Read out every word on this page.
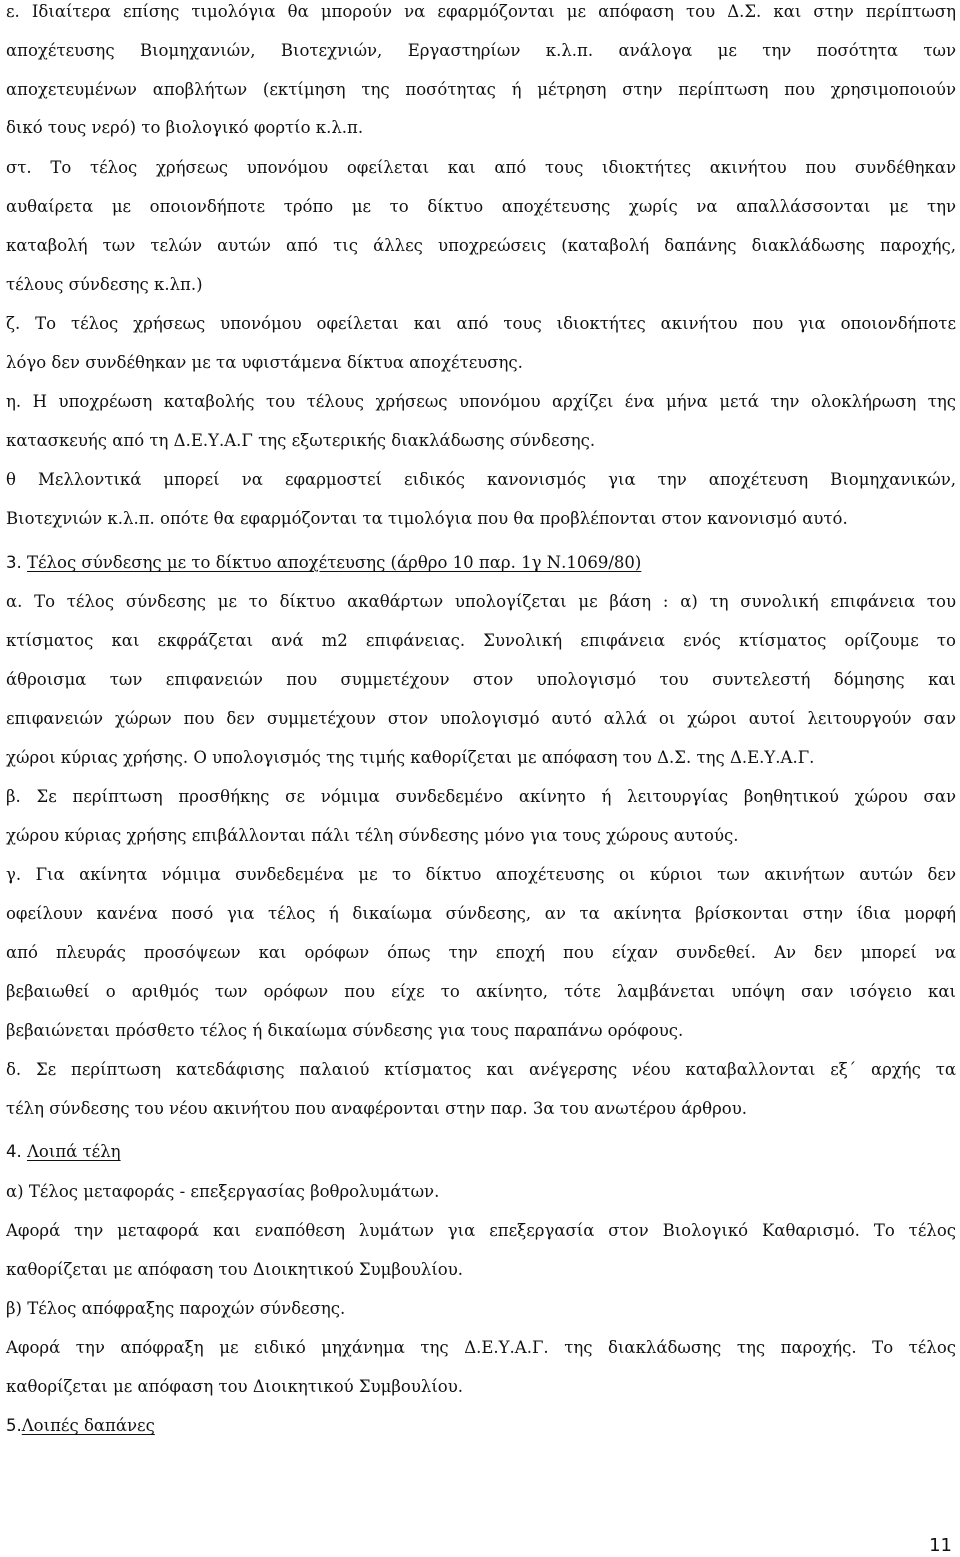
ε. Ιδιαίτερα επίσης τιμολόγια θα μπορούν να εφαρμόζονται με απόφαση του Δ.Σ. και στην περίπτωση
αποχέτευσης Βιομηχανιών, Βιοτεχνιών, Εργαστηρίων κ.λ.π. ανάλογα με την ποσότητα των
αποχετευμένων αποβλήτων (εκτίμηση της ποσότητας ή μέτρηση στην περίπτωση που χρησιμοποιούν
δικό τους νερό) το βιολογικό φορτίο κ.λ.π.
στ. Το τέλος χρήσεως υπονόμου οφείλεται και από τους ιδιοκτήτες ακινήτου που συνδέθηκαν
αυθαίρετα με οποιονδήποτε τρόπο με το δίκτυο αποχέτευσης χωρίς να απαλλάσσονται με την
καταβολή των τελών αυτών από τις άλλες υποχρεώσεις (καταβολή δαπάνης διακλάδωσης παροχής,
τέλους σύνδεσης κ.λπ.)
ζ. Το τέλος χρήσεως υπονόμου οφείλεται και από τους ιδιοκτήτες ακινήτου που για οποιονδήποτε
λόγο δεν συνδέθηκαν με τα υφιστάμενα δίκτυα αποχέτευσης.
η. Η υποχρέωση καταβολής του τέλους χρήσεως υπονόμου αρχίζει ένα μήνα μετά την ολοκλήρωση της
κατασκευής από τη Δ.Ε.Υ.Α.Γ της εξωτερικής διακλάδωσης σύνδεσης.
θ Μελλοντικά μπορεί να εφαρμοστεί ειδικός κανονισμός για την αποχέτευση Βιομηχανικών,
Βιοτεχνιών κ.λ.π. οπότε θα εφαρμόζονται τα τιμολόγια που θα προβλέπονται στον κανονισμό αυτό.
3. Τέλος σύνδεσης με το δίκτυο αποχέτευσης (άρθρο 10 παρ. 1γ Ν.1069/80)
α. Το τέλος σύνδεσης με το δίκτυο ακαθάρτων υπολογίζεται με βάση : α) τη συνολική επιφάνεια του
κτίσματος και εκφράζεται ανά m2 επιφάνειας. Συνολική επιφάνεια ενός κτίσματος ορίζουμε το
άθροισμα των επιφανειών που συμμετέχουν στον υπολογισμό του συντελεστή δόμησης και
επιφανειών χώρων που δεν συμμετέχουν στον υπολογισμό αυτό αλλά οι χώροι αυτοί λειτουργούν σαν
χώροι κύριας χρήσης. Ο υπολογισμός της τιμής καθορίζεται με απόφαση του Δ.Σ. της Δ.Ε.Υ.Α.Γ.
β. Σε περίπτωση προσθήκης σε νόμιμα συνδεδεμένο ακίνητο ή λειτουργίας βοηθητικού χώρου σαν
χώρου κύριας χρήσης επιβάλλονται πάλι τέλη σύνδεσης μόνο για τους χώρους αυτούς.
γ. Για ακίνητα νόμιμα συνδεδεμένα με το δίκτυο αποχέτευσης οι κύριοι των ακινήτων αυτών δεν
οφείλουν κανένα ποσό για τέλος ή δικαίωμα σύνδεσης, αν τα ακίνητα βρίσκονται στην ίδια μορφή
από πλευράς προσόψεων και ορόφων όπως την εποχή που είχαν συνδεθεί. Αν δεν μπορεί να
βεβαιωθεί ο αριθμός των ορόφων που είχε το ακίνητο, τότε λαμβάνεται υπόψη σαν ισόγειο και
βεβαιώνεται πρόσθετο τέλος ή δικαίωμα σύνδεσης για τους παραπάνω ορόφους.
δ. Σε περίπτωση κατεδάφισης παλαιού κτίσματος και ανέγερσης νέου καταβαλλονται εξ΄ αρχής τα
τέλη σύνδεσης του νέου ακινήτου που αναφέρονται στην παρ. 3α του ανωτέρου άρθρου.
4. Λοιπά τέλη
α) Τέλος μεταφοράς - επεξεργασίας βοθρολυμάτων.
Αφορά την μεταφορά και εναπόθεση λυμάτων για επεξεργασία στον Βιολογικό Καθαρισμό. Το τέλος
καθορίζεται με απόφαση του Διοικητικού Συμβουλίου.
β) Τέλος απόφραξης παροχών σύνδεσης.
Αφορά την απόφραξη με ειδικό μηχάνημα της Δ.Ε.Υ.Α.Γ. της διακλάδωσης της παροχής. Το τέλος
καθορίζεται με απόφαση του Διοικητικού Συμβουλίου.
5.Λοιπές δαπάνες
11
